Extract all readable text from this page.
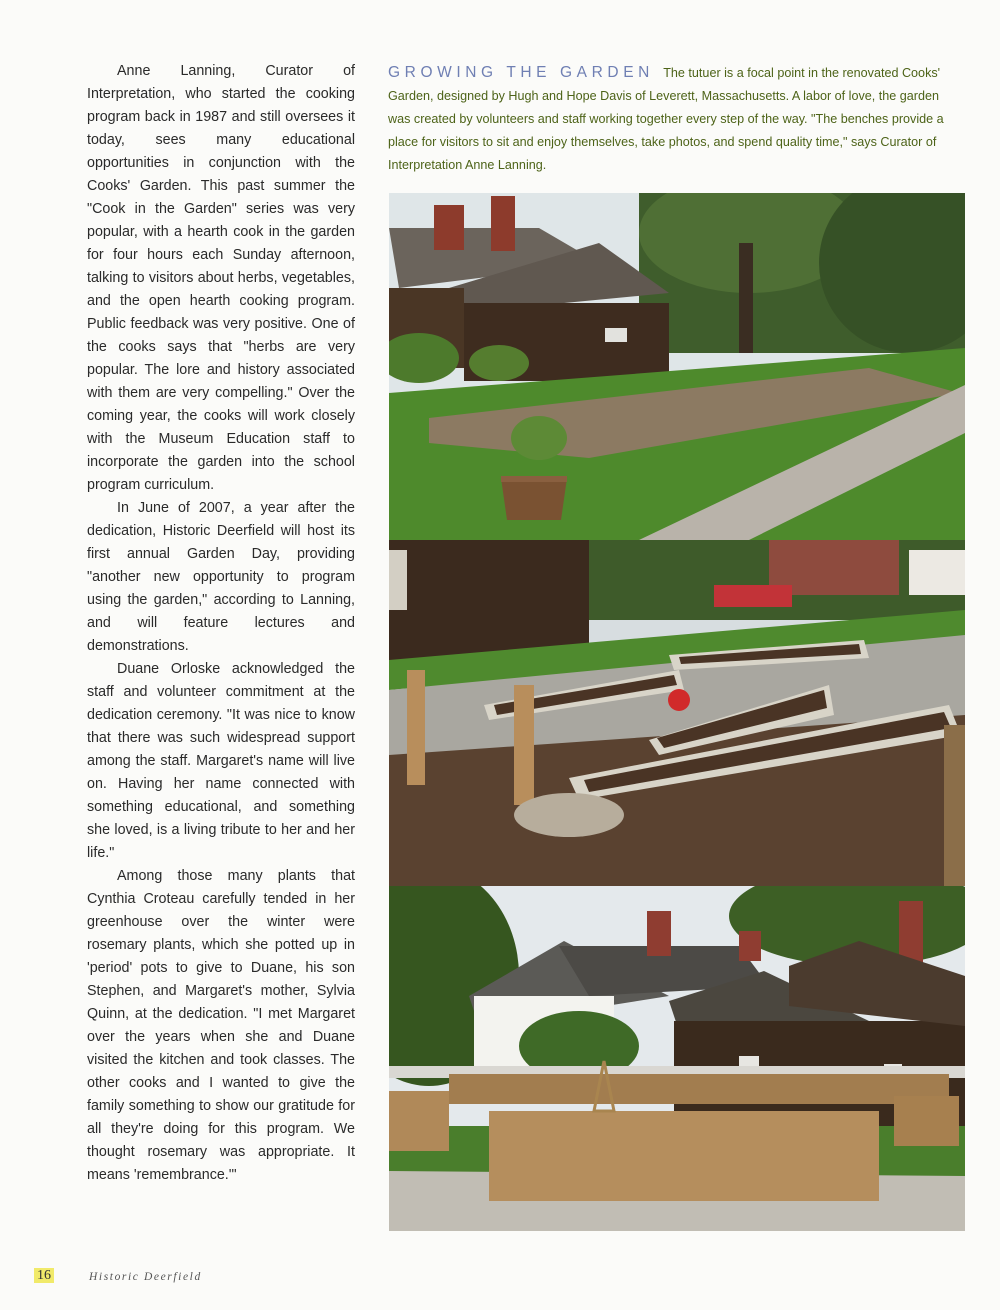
Anne Lanning, Curator of Interpretation, who started the cooking program back in 1987 and still oversees it today, sees many educational opportunities in conjunction with the Cooks' Garden. This past summer the "Cook in the Garden" series was very popular, with a hearth cook in the garden for four hours each Sunday afternoon, talking to visitors about herbs, vegetables, and the open hearth cooking program. Public feedback was very positive. One of the cooks says that "herbs are very popular. The lore and history associated with them are very compelling." Over the coming year, the cooks will work closely with the Museum Education staff to incorporate the garden into the school program curriculum.

In June of 2007, a year after the dedication, Historic Deerfield will host its first annual Garden Day, providing "another new opportunity to program using the garden," according to Lanning, and will feature lectures and demonstrations.

Duane Orloske acknowledged the staff and volunteer commitment at the dedication ceremony. "It was nice to know that there was such widespread support among the staff. Margaret's name will live on. Having her name connected with something educational, and something she loved, is a living tribute to her and her life."

Among those many plants that Cynthia Croteau carefully tended in her greenhouse over the winter were rosemary plants, which she potted up in 'period' pots to give to Duane, his son Stephen, and Margaret's mother, Sylvia Quinn, at the dedication. "I met Margaret over the years when she and Duane visited the kitchen and took classes. The other cooks and I wanted to give the family something to show our gratitude for all they're doing for this program. We thought rosemary was appropriate. It means 'remembrance.'"

GROWING THE GARDEN The tutuer is a focal point in the renovated Cooks' Garden, designed by Hugh and Hope Davis of Leverett, Massachusetts. A labor of love, the garden was created by volunteers and staff working together every step of the way. "The benches provide a place for visitors to sit and enjoy themselves, take photos, and spend quality time," says Curator of Interpretation Anne Lanning.
16	Historic Deerfield
